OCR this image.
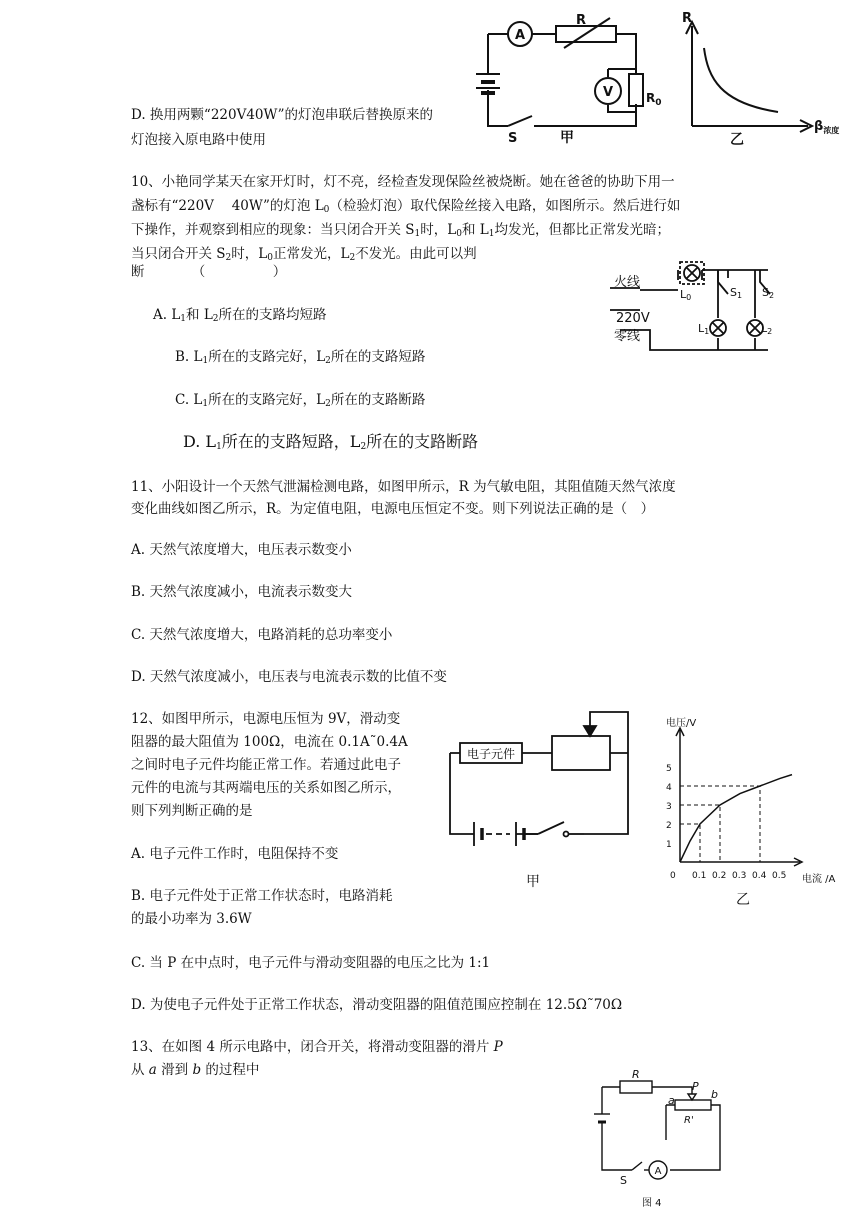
D. 换用两颗“220V40W”的灯泡串联后替换原来的
灯泡接入原电路中使用
A
R
V	$R_0$
S	甲
R
$\beta_{浓度}$
乙
10、小艳同学某天在家开灯时，灯不亮，经检查发现保险丝被烧断。她在爸爸的协助下用一
盏标有“220V　 40W”的灯泡 $L_0$（检验灯泡）取代保险丝接入电路，如图所示。然后进行如
下操作，并观察到相应的现象：当只闭合开关 $S_1$时，$L_0$和 $L_1$均发光，但都比正常发光暗；
当只闭合开关 $S_2$时，$L_0$正常发光，$L_2$不发光。由此可以判
断　　　　（　　　　　）
A. $L_1$和 $L_2$所在的支路均短路
B. $L_1$所在的支路完好，$L_2$所在的支路短路
C. $L_1$所在的支路完好，$L_2$所在的支路断路
D. $L_1$所在的支路短路，$L_2$所在的支路断路
火线
220V
零线
L0	S1 S2
L1	L2
11、小阳设计一个天然气泄漏检测电路，如图甲所示，R 为气敏电阻，其阻值随天然气浓度
变化曲线如图乙所示，R。为定值电阻，电源电压恒定不变。则下列说法正确的是（　）
A. 天然气浓度增大，电压表示数变小
B. 天然气浓度减小，电流表示数变大
C. 天然气浓度增大，电路消耗的总功率变小
D. 天然气浓度减小，电压表与电流表示数的比值不变
12、如图甲所示，电源电压恒为 9V，滑动变
阻器的最大阻值为 100Ω，电流在 0.1A˜0.4A
之间时电子元件均能正常工作。若通过此电子
元件的电流与其两端电压的关系如图乙所示，
则下列判断正确的是
A. 电子元件工作时，电阻保持不变
B. 电子元件处于正常工作状态时，电路消耗
的最小功率为 3.6W
C. 当 P 在中点时，电子元件与滑动变阻器的电压之比为 1:1
D. 为使电子元件处于正常工作状态，滑动变阻器的阻值范围应控制在 12.5Ω˜70Ω
电子元件
甲
电压/V
电流 /A
乙
1
2
3
4
5
0 0.1 0.2 0.3 0.4 0.5
13、在如图 4 所示电路中，闭合开关，将滑动变阻器的滑片 P
从 a 滑到 b 的过程中	R
P
a	b
R'
S
A
图 4
